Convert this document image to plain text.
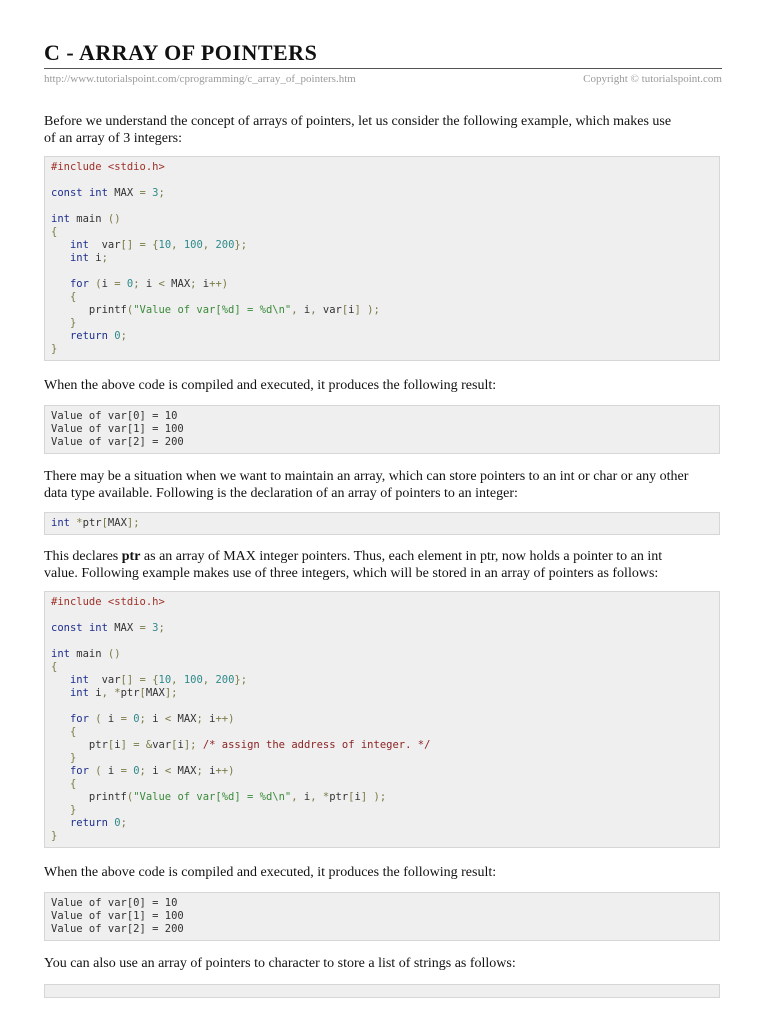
C - ARRAY OF POINTERS
http://www.tutorialspoint.com/cprogramming/c_array_of_pointers.htm	Copyright © tutorialspoint.com

Before we understand the concept of arrays of pointers, let us consider the following example, which makes use
of an array of 3 integers:

#include <stdio.h>
const int MAX = 3;
int main ()
{
int  var[] = {10, 100, 200};
int i;
for (i = 0; i < MAX; i++)
{
printf("Value of var[%d] = %d\n", i, var[i] );
}
return 0;
}

When the above code is compiled and executed, it produces the following result:

Value of var[0] = 10
Value of var[1] = 100
Value of var[2] = 200

There may be a situation when we want to maintain an array, which can store pointers to an int or char or any other
data type available. Following is the declaration of an array of pointers to an integer:

int *ptr[MAX];

This declares ptr as an array of MAX integer pointers. Thus, each element in ptr, now holds a pointer to an int
value. Following example makes use of three integers, which will be stored in an array of pointers as follows:

#include <stdio.h>
const int MAX = 3;
int main ()
{
int  var[] = {10, 100, 200};
int i, *ptr[MAX];
for ( i = 0; i < MAX; i++)
{
ptr[i] = &var[i]; /* assign the address of integer. */
}
for ( i = 0; i < MAX; i++)
{
printf("Value of var[%d] = %d\n", i, *ptr[i] );
}
return 0;
}

When the above code is compiled and executed, it produces the following result:

Value of var[0] = 10
Value of var[1] = 100
Value of var[2] = 200

You can also use an array of pointers to character to store a list of strings as follows:
